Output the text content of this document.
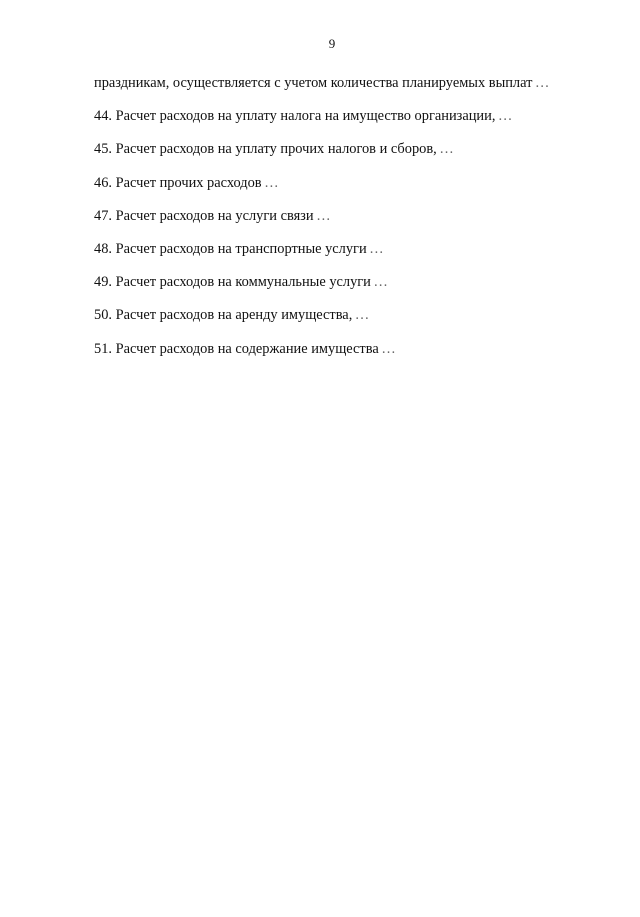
9

праздникам, осуществляется с учетом количества планируемых выплат …

44. Расчет расходов на уплату налога на имущество организации, …

45. Расчет расходов на уплату прочих налогов и сборов, …

46. Расчет прочих расходов …

47. Расчет расходов на услуги связи …

48. Расчет расходов на транспортные услуги …

49. Расчет расходов на коммунальные услуги …

50. Расчет расходов на аренду имущества, …

51. Расчет расходов на содержание имущества …
